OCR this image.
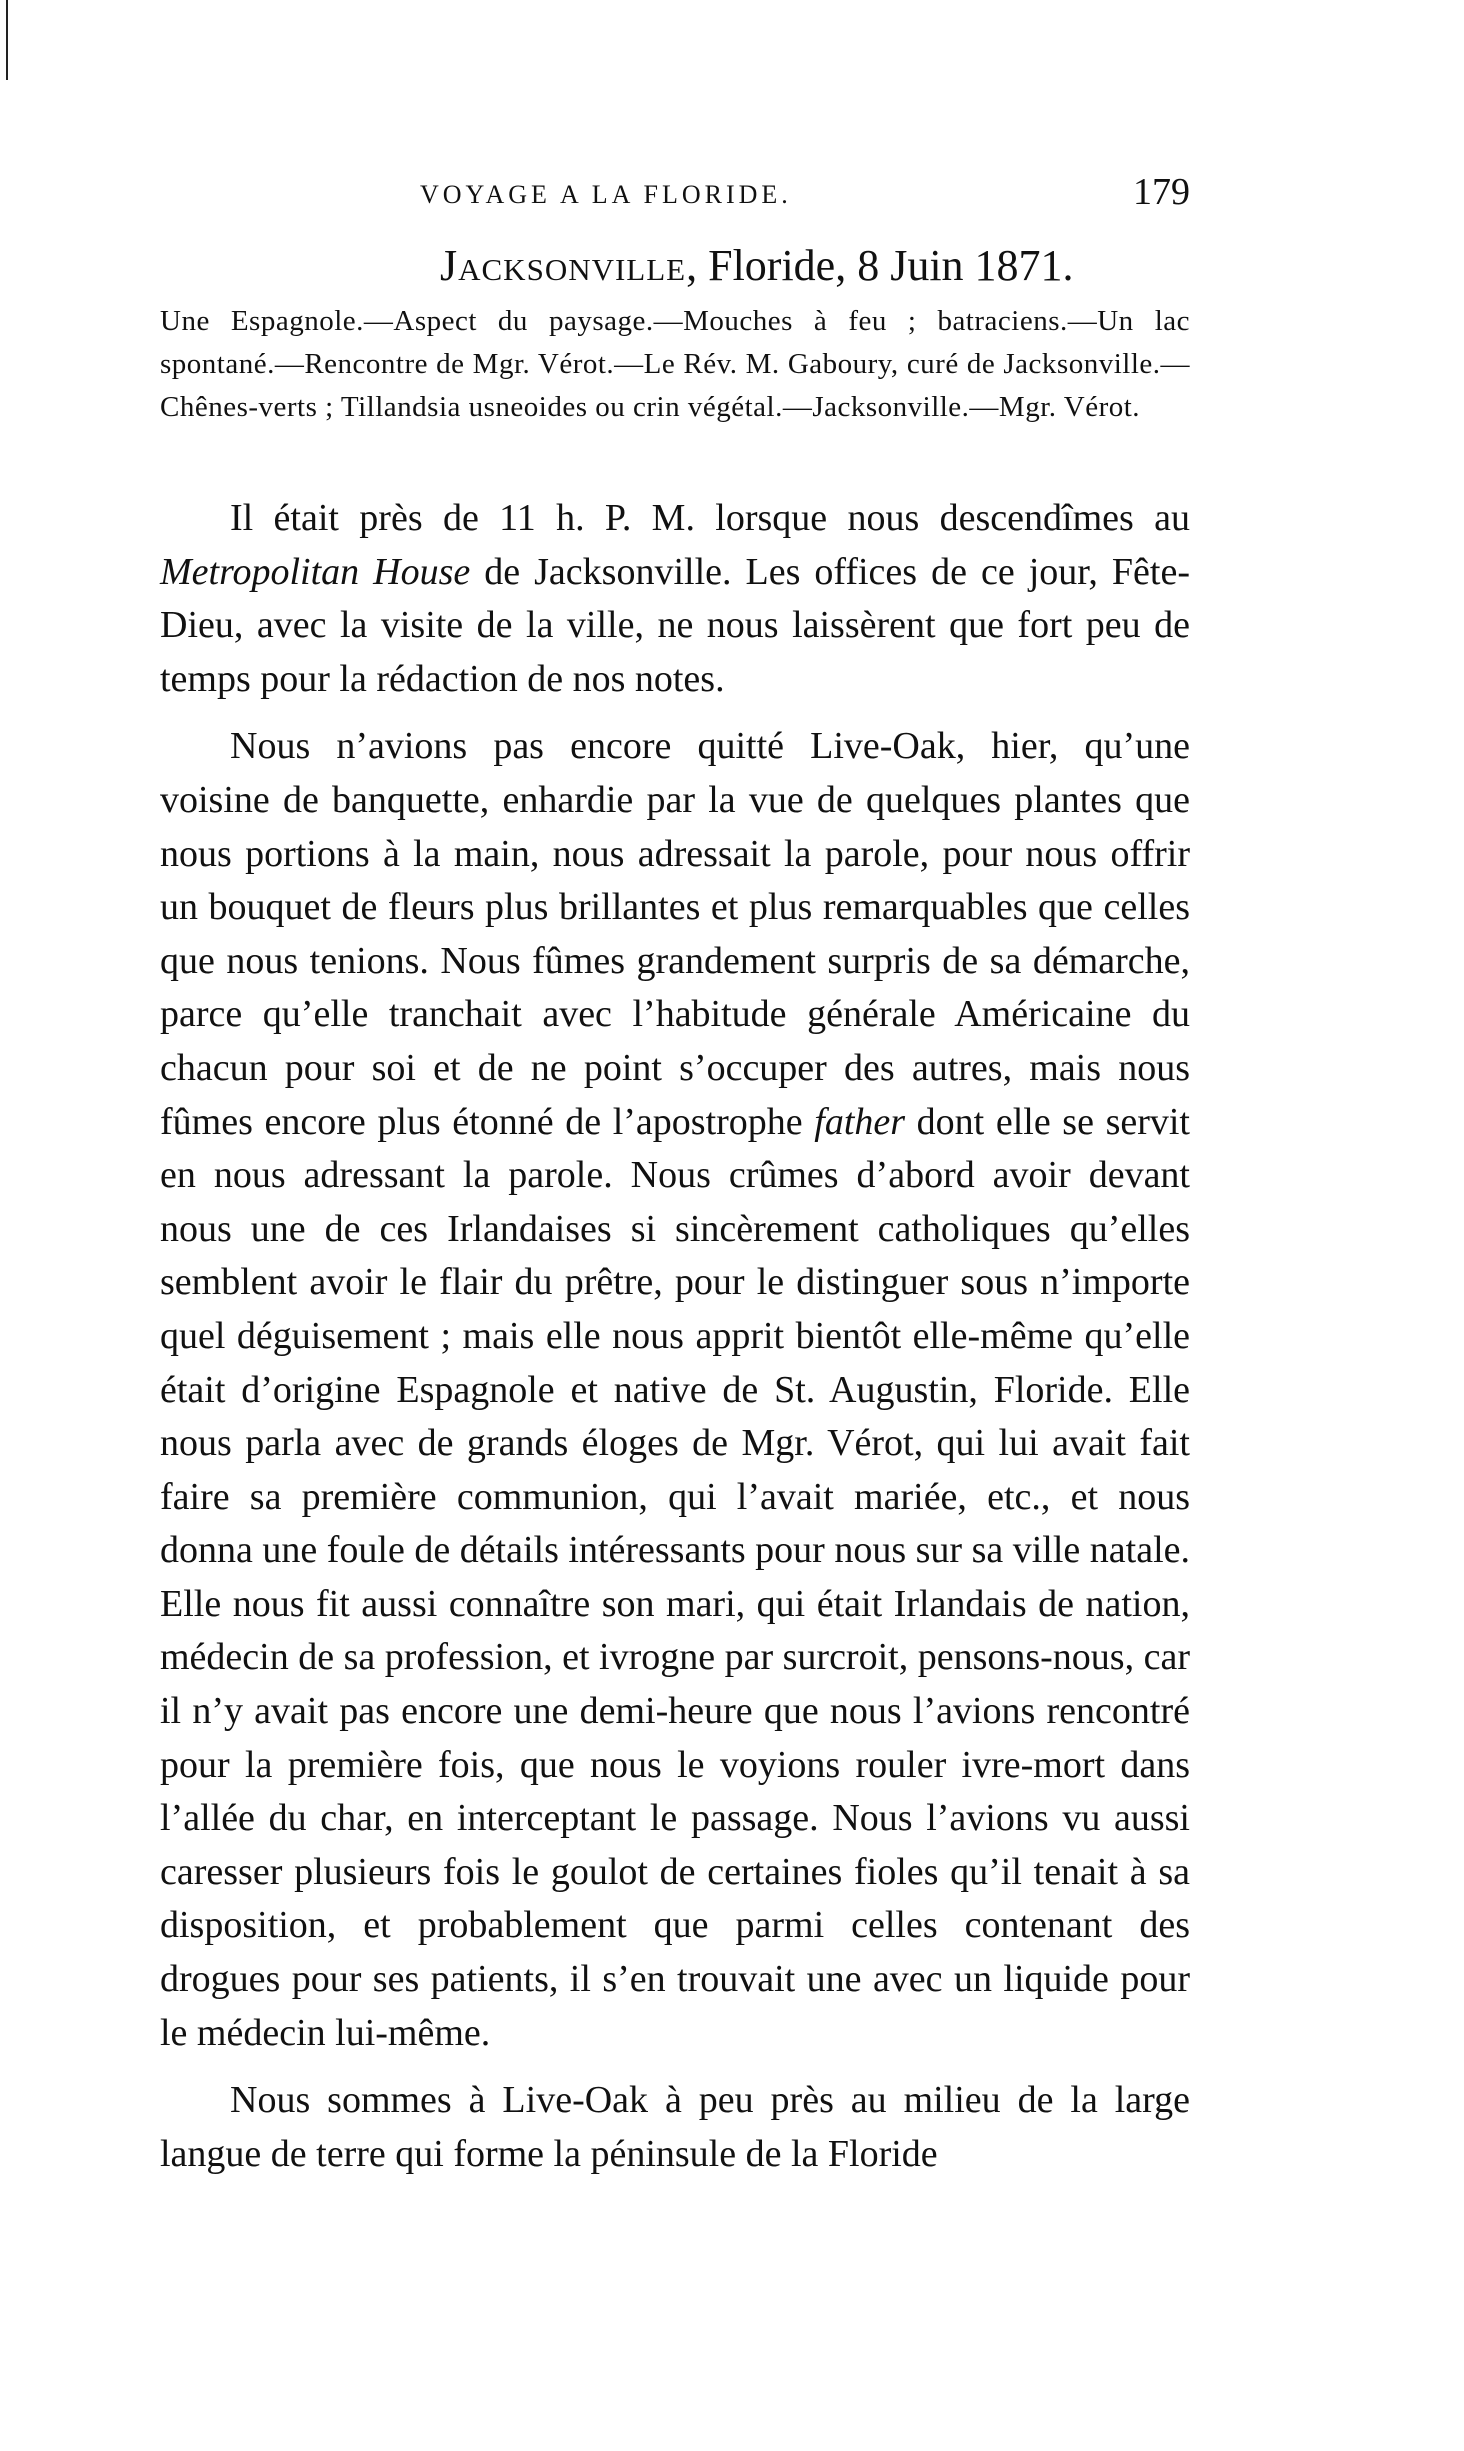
VOYAGE A LA FLORIDE.	179
Jacksonville, Floride, 8 Juin 1871.
Une Espagnole.—Aspect du paysage.—Mouches à feu ; batraciens.—Un lac spontané.—Rencontre de Mgr. Vérot.—Le Rév. M. Gaboury, curé de Jacksonville.—Chênes-verts ; Tillandsia usneoides ou crin végétal.—Jacksonville.—Mgr. Vérot.

Il était près de 11 h. P. M. lorsque nous descendîmes au Metropolitan House de Jacksonville. Les offices de ce jour, Fête-Dieu, avec la visite de la ville, ne nous laissèrent que fort peu de temps pour la rédaction de nos notes.

Nous n’avions pas encore quitté Live-Oak, hier, qu’une voisine de banquette, enhardie par la vue de quelques plantes que nous portions à la main, nous adressait la parole, pour nous offrir un bouquet de fleurs plus brillantes et plus remarquables que celles que nous tenions. Nous fûmes grandement surpris de sa démarche, parce qu’elle tranchait avec l’habitude générale Américaine du chacun pour soi et de ne point s’occuper des autres, mais nous fûmes encore plus étonné de l’apostrophe father dont elle se servit en nous adressant la parole. Nous crûmes d’abord avoir devant nous une de ces Irlandaises si sincèrement catholiques qu’elles semblent avoir le flair du prêtre, pour le distinguer sous n’importe quel déguisement ; mais elle nous apprit bientôt elle-même qu’elle était d’origine Espagnole et native de St. Augustin, Floride. Elle nous parla avec de grands éloges de Mgr. Vérot, qui lui avait fait faire sa première communion, qui l’avait mariée, etc., et nous donna une foule de détails intéressants pour nous sur sa ville natale. Elle nous fit aussi connaître son mari, qui était Irlandais de nation, médecin de sa profession, et ivrogne par surcroit, pensons-nous, car il n’y avait pas encore une demi-heure que nous l’avions rencontré pour la première fois, que nous le voyions rouler ivre-mort dans l’allée du char, en interceptant le passage. Nous l’avions vu aussi caresser plusieurs fois le goulot de certaines fioles qu’il tenait à sa disposition, et probablement que parmi celles contenant des drogues pour ses patients, il s’en trouvait une avec un liquide pour le médecin lui-même.

Nous sommes à Live-Oak à peu près au milieu de la large langue de terre qui forme la péninsule de la Floride
